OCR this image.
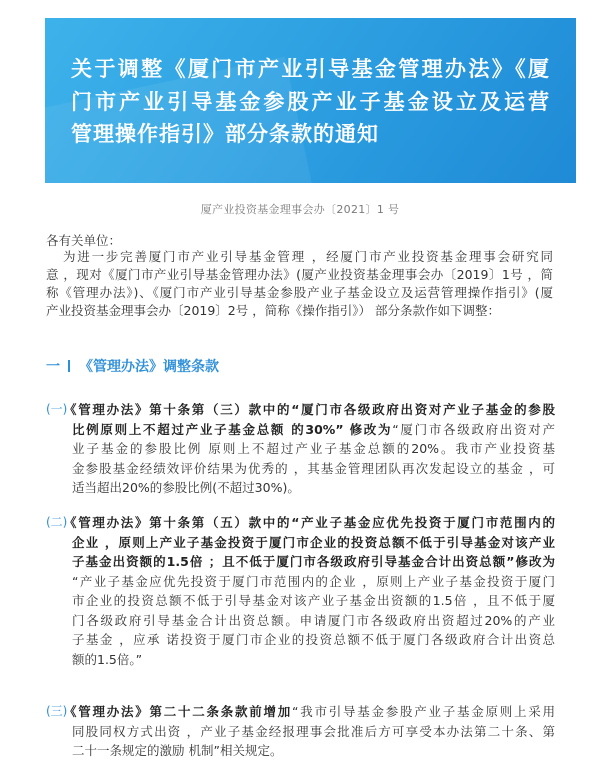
关于调整《厦门市产业引导基金管理办法》《厦
门市产业引导基金参股产业子基金设立及运营
管理操作指引》部分条款的通知
厦产业投资基金理事会办〔2021〕1 号
各有关单位：
为进一步完善厦门市产业引导基金管理 ，经厦门市产业投资基金理事会研究同
意 ，现对《厦门市产业引导基金管理办法》(厦产业投资基金理事会办〔2019〕1号 ，简
称《管理办法》)、《厦门市产业引导基金参股产业子基金设立及运营管理操作指引》(厦
产业投资基金理事会办〔2019〕2号 ，简称《操作指引》） 部分条款作如下调整：
一 《管理办法》调整条款
(一)
《管理办法》第十条第（三）款中的“厦门市各级政府出资对产业子基金的参股
比例原则上不超过产业子基金总额 的30%” 修改为“厦门市各级政府出资对产
业子基金的参股比例 原则上不超过产业子基金总额的20%。我市产业投资基
金参股基金经绩效评价结果为优秀的 ，其基金管理团队再次发起设立的基金 ，可
适当超出20%的参股比例(不超过30%)。
(二)
《管理办法》第十条第（五）款中的“产业子基金应优先投资于厦门市范围内的
企业 ，原则上产业子基金投资于厦门市企业的投资总额不低于引导基金对该产业
子基金出资额的1.5倍 ；且不低于厦门市各级政府引导基金合计出资总额”修改为
“产业子基金应优先投资于厦门市范围内的企业 ，原则上产业子基金投资于厦门
市企业的投资总额不低于引导基金对该产业子基金出资额的1.5倍 ，且不低于厦
门各级政府引导基金合计出资总额。申请厦门市各级政府出资超过20%的产业
子基金 ，应承 诺投资于厦门市企业的投资总额不低于厦门各级政府合计出资总
额的1.5倍。”
(三)
《管理办法》第二十二条条款前增加“我市引导基金参股产业子基金原则上采用
同股同权方式出资 ，产业子基金经报理事会批准后方可享受本办法第二十条、第
二十一条规定的激励 机制”相关规定。
